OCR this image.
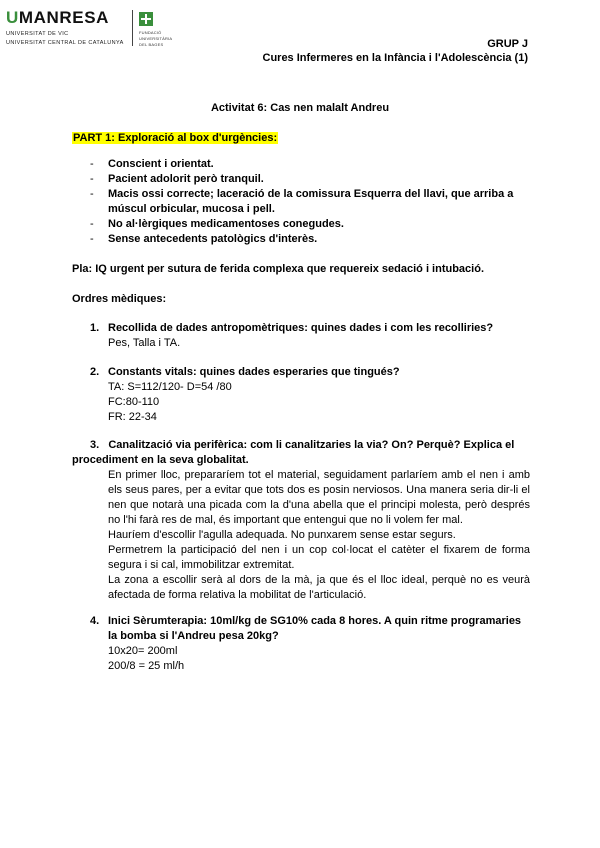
UMANRESA
UNIVERSITAT DE VIC
UNIVERSITAT CENTRAL DE CATALUNYA
FUNDACIÓ
UNIVERSITÀRIA
DEL BAGES	GRUP J
Cures Infermeres en la Infància i l'Adolescència (1)
Activitat 6: Cas nen malalt Andreu
PART 1: Exploració al box d'urgències:
- Conscient i orientat.
- Pacient adolorit però tranquil.
- Macis ossi correcte; laceració de la comissura Esquerra del llavi, que arriba a múscul orbicular, mucosa i pell.
- No al·lèrgiques medicamentoses conegudes.
- Sense antecedents patològics d'interès.
Pla: IQ urgent per sutura de ferida complexa que requereix sedació i intubació.
Ordres mèdiques:
1. Recollida de dades antropomètriques: quines dades i com les recolliries?
Pes, Talla i TA.
2. Constants vitals: quines dades esperaries que tingués?
TA: S=112/120- D=54 /80
FC:80-110
FR: 22-34
3. Canalització via perifèrica: com li canalitzaries la via? On? Perquè? Explica el
procediment en la seva globalitat.
En primer lloc, prepararíem tot el material, seguidament parlaríem amb el nen i amb els seus pares, per a evitar que tots dos es posin nerviosos. Una manera seria dir-li el nen que notarà una picada com la d'una abella que el principi molesta, però després no l'hi farà res de mal, és important que entengui que no li volem fer mal.
Hauríem d'escollir l'agulla adequada. No punxarem sense estar segurs.
Permetrem la participació del nen i un cop col·locat el catèter el fixarem de forma segura i si cal, immobilitzar extremitat.
La zona a escollir serà al dors de la mà, ja que és el lloc ideal, perquè no es veurà afectada de forma relativa la mobilitat de l'articulació.
4. Inici Sèrumterapia: 10ml/kg de SG10% cada 8 hores. A quin ritme programaries la bomba si l'Andreu pesa 20kg?
10x20= 200ml
200/8 = 25 ml/h
